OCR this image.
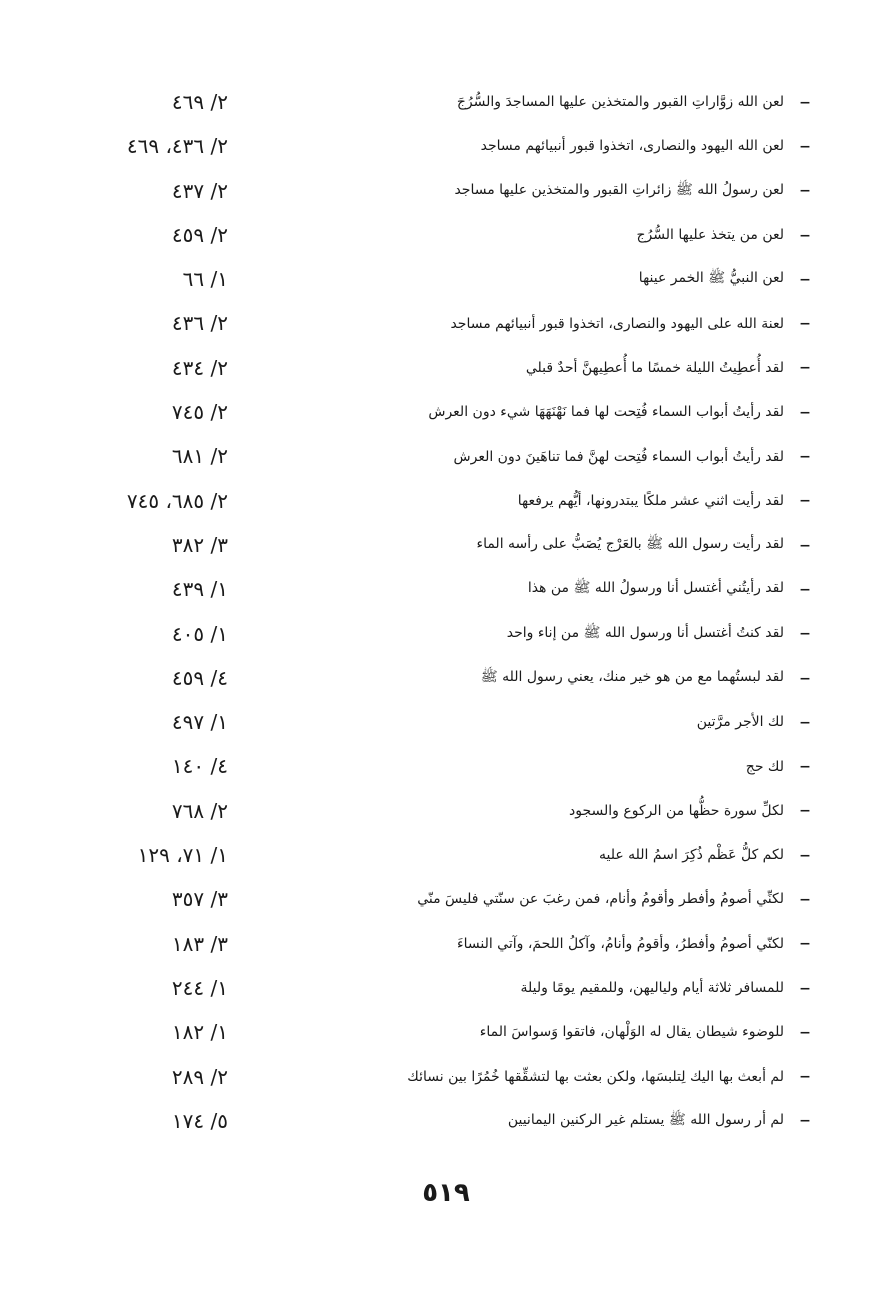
–
لعن الله زوَّاراتِ القبور والمتخذين عليها المساجدَ والسُّرُجَ
٢/ ٤٦٩
–
لعن الله اليهود والنصارى، اتخذوا قبور أنبيائهم مساجد
٢/ ٤٣٦، ٤٦٩
–
لعن رسولُ الله ﷺ زائراتِ القبور والمتخذين عليها مساجد
٢/ ٤٣٧
–
لعن من يتخذ عليها السُّرُج
٢/ ٤٥٩
–
لعن النبيُّ ﷺ الخمر عينها
١/ ٦٦
–
لعنة الله على اليهود والنصارى، اتخذوا قبور أنبيائهم مساجد
٢/ ٤٣٦
–
لقد أُعطِيتُ الليلة خمسًا ما أُعطِيهنَّ أحدٌ قبلي
٢/ ٤٣٤
–
لقد رأيتُ أبواب السماء فُتِحت لها فما نَهْنَهَهَا شيء دون العرش
٢/ ٧٤٥
–
لقد رأيتُ أبواب السماء فُتِحت لهنَّ فما تناهَينَ دون العرش
٢/ ٦٨١
–
لقد رأيت اثني عشر ملكًا يبتدرونها، أيُّهم يرفعها
٢/ ٦٨٥، ٧٤٥
–
لقد رأيت رسول الله ﷺ بالعَرْج يُصَبُّ على رأسه الماء
٣/ ٣٨٢
–
لقد رأيتُني أغتسل أنا ورسولُ الله ﷺ من هذا
١/ ٤٣٩
–
لقد كنتُ أغتسل أنا ورسول الله ﷺ من إناء واحد
١/ ٤٠٥
–
لقد لبستُهما مع من هو خير منك، يعني رسول الله ﷺ
٤/ ٤٥٩
–
لك الأجر مرَّتين
١/ ٤٩٧
–
لك حج
٤/ ١٤٠
–
لكلِّ سورة حظُّها من الركوع والسجود
٢/ ٧٦٨
–
لكم كلُّ عَظْم ذُكِرَ اسمُ الله عليه
١/ ٧١، ١٢٩
–
لكنِّي أصومُ وأفطر وأقومُ وأنام، فمن رغبَ عن سنّتي فليسَ منّي
٣/ ٣٥٧
–
لكنّي أصومُ وأفطرُ، وأقومُ وأنامُ، وآكلُ اللحمَ، وآتي النساءَ
٣/ ١٨٣
–
للمسافر ثلاثة أيام ولياليهن، وللمقيم يومًا وليلة
١/ ٢٤٤
–
للوضوء شيطان يقال له الوَلْهان، فاتقوا وَسواسَ الماء
١/ ١٨٢
–
لم أبعث بها اليك لِتلبسَها، ولكن بعثت بها لتشقِّقها خُمُرًا بين نسائك
٢/ ٢٨٩
–
لم أر رسول الله ﷺ يستلم غير الركنين اليمانيين
٥/ ١٧٤
٥١٩
